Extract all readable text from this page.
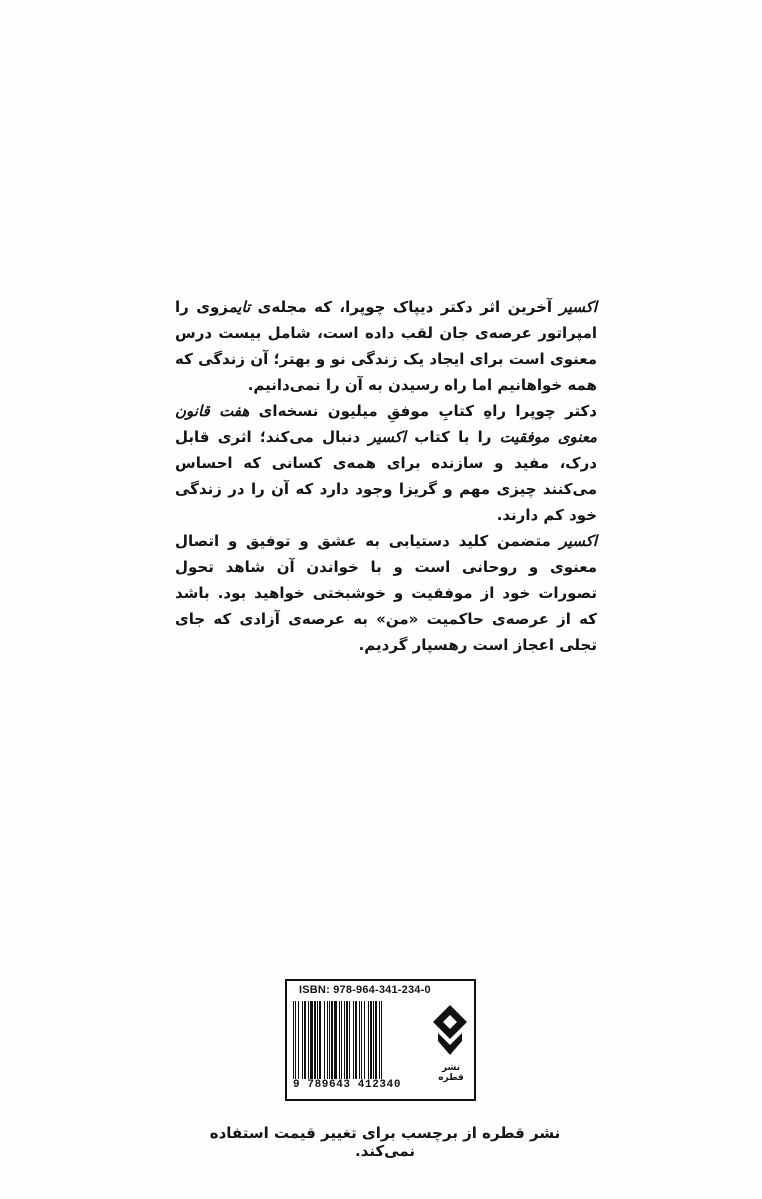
اکسیر آخرین اثر دکتر دیپاک چوپرا، که مجله‌ی تایمزوی را امپراتور عرصه‌ی جان لقب داده است، شامل بیست درس معنوی است برای ایجاد یک زندگی نو و بهتر؛ آن زندگی که همه خواهانیم اما راه رسیدن به آن را نمی‌دانیم.

دکتر چوپرا راهِ کتابِ موفقِ میلیون نسخه‌ای هفت قانون معنوی موفقیت را با کتاب اکسیر دنبال می‌کند؛ اثری قابل درک، مفید و سازنده برای همه‌ی کسانی که احساس می‌کنند چیزی مهم و گریزا وجود دارد که آن را در زندگی خود کم دارند.

اکسیر متضمن کلید دستیابی به عشق و توفیق و اتصال معنوی و روحانی است و با خواندن آن شاهد تحول تصورات خود از موفقیت و خوشبختی خواهید بود. باشد که از عرصه‌ی حاکمیت «من» به عرصه‌ی آزادی که جای تجلی اعجاز است رهسپار گردیم.

ISBN: 978-964-341-234-0
9 789643 412340
نشر قطره
نشر قطره از برچسب برای تغییر قیمت استفاده نمی‌کند.
